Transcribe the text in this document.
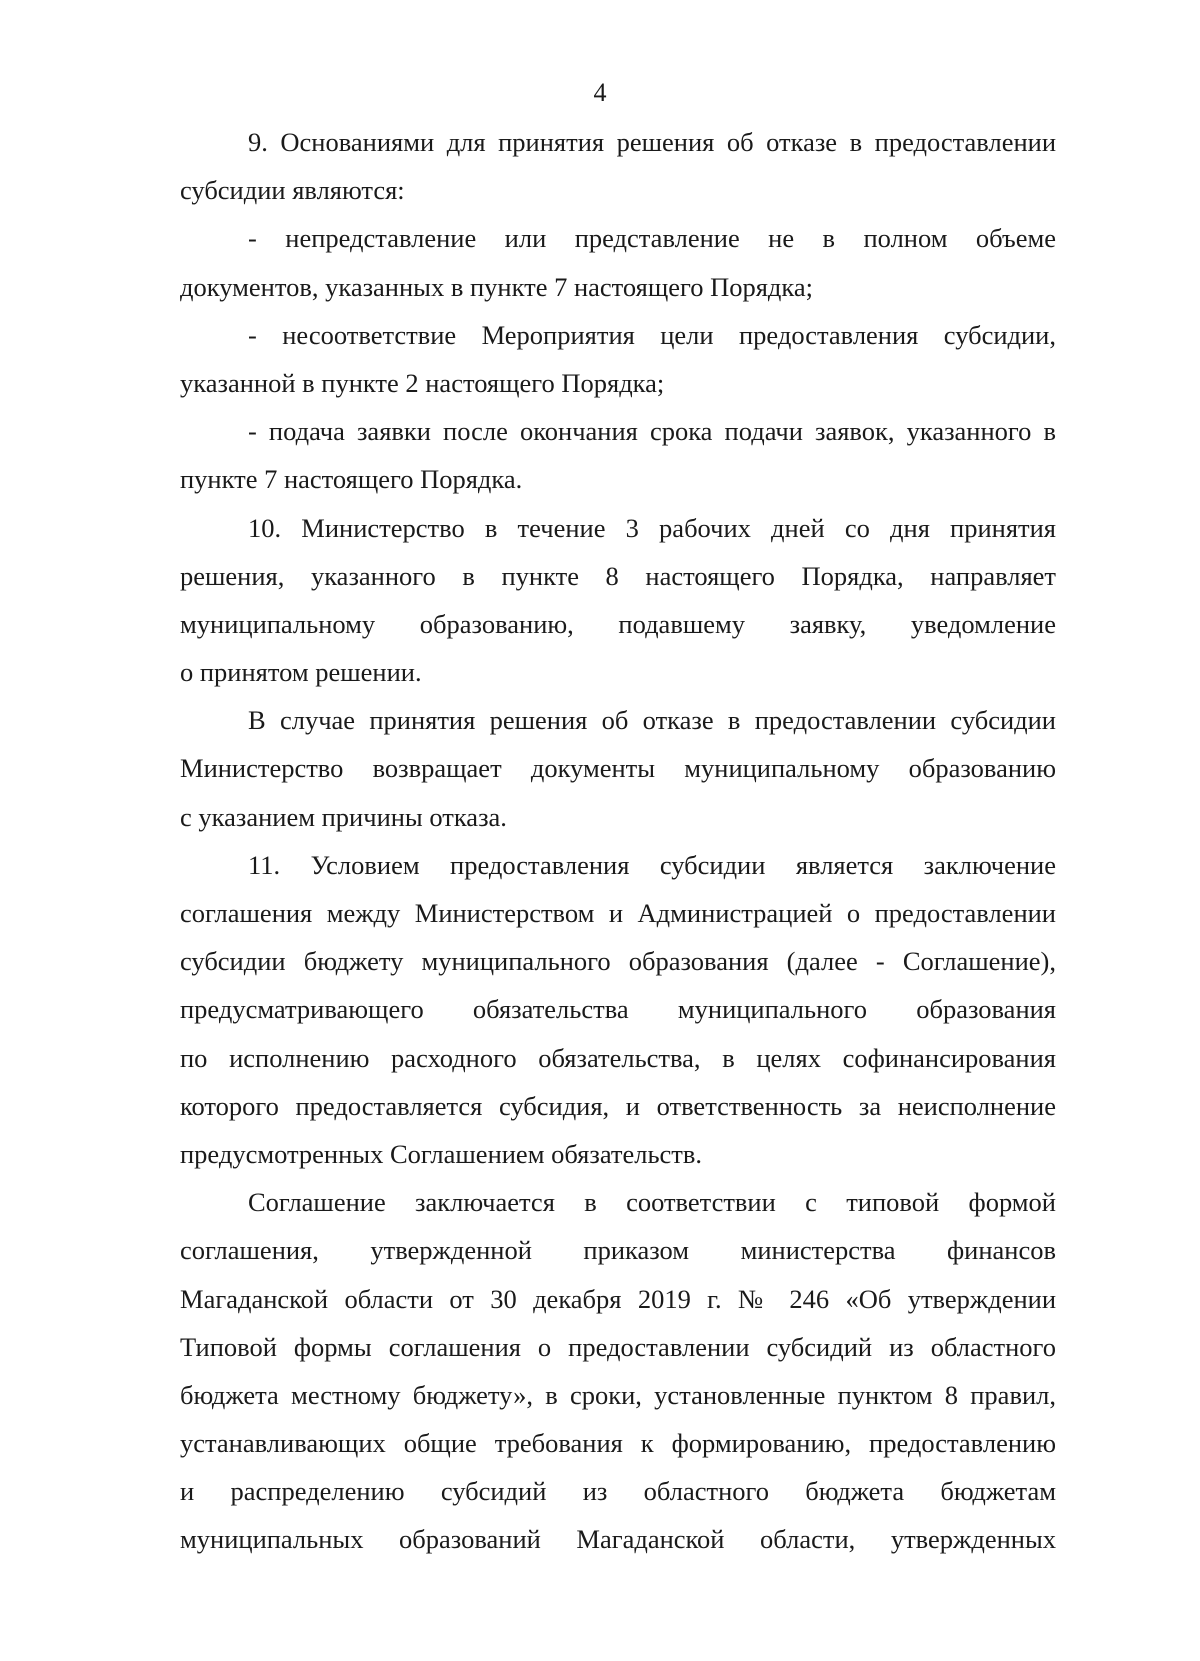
4
9. Основаниями для принятия решения об отказе в предоставлении
субсидии являются:
- непредставление или представление не в полном объеме
документов, указанных в пункте 7 настоящего Порядка;
- несоответствие Мероприятия цели предоставления субсидии,
указанной в пункте 2 настоящего Порядка;
- подача заявки после окончания срока подачи заявок, указанного в
пункте 7 настоящего Порядка.
10. Министерство в течение 3 рабочих дней со дня принятия
решения, указанного в пункте 8 настоящего Порядка, направляет
муниципальному образованию, подавшему заявку, уведомление
о принятом решении.
В случае принятия решения об отказе в предоставлении субсидии
Министерство возвращает документы муниципальному образованию
с указанием причины отказа.
11. Условием предоставления субсидии является заключение
соглашения между Министерством и Администрацией о предоставлении
субсидии бюджету муниципального образования (далее - Соглашение),
предусматривающего обязательства муниципального образования
по исполнению расходного обязательства, в целях софинансирования
которого предоставляется субсидия, и ответственность за неисполнение
предусмотренных Соглашением обязательств.
Соглашение заключается в соответствии с типовой формой
соглашения, утвержденной приказом министерства финансов
Магаданской области от 30 декабря 2019 г. № 246 «Об утверждении
Типовой формы соглашения о предоставлении субсидий из областного
бюджета местному бюджету», в сроки, установленные пунктом 8 правил,
устанавливающих общие требования к формированию, предоставлению
и распределению субсидий из областного бюджета бюджетам
муниципальных образований Магаданской области, утвержденных
